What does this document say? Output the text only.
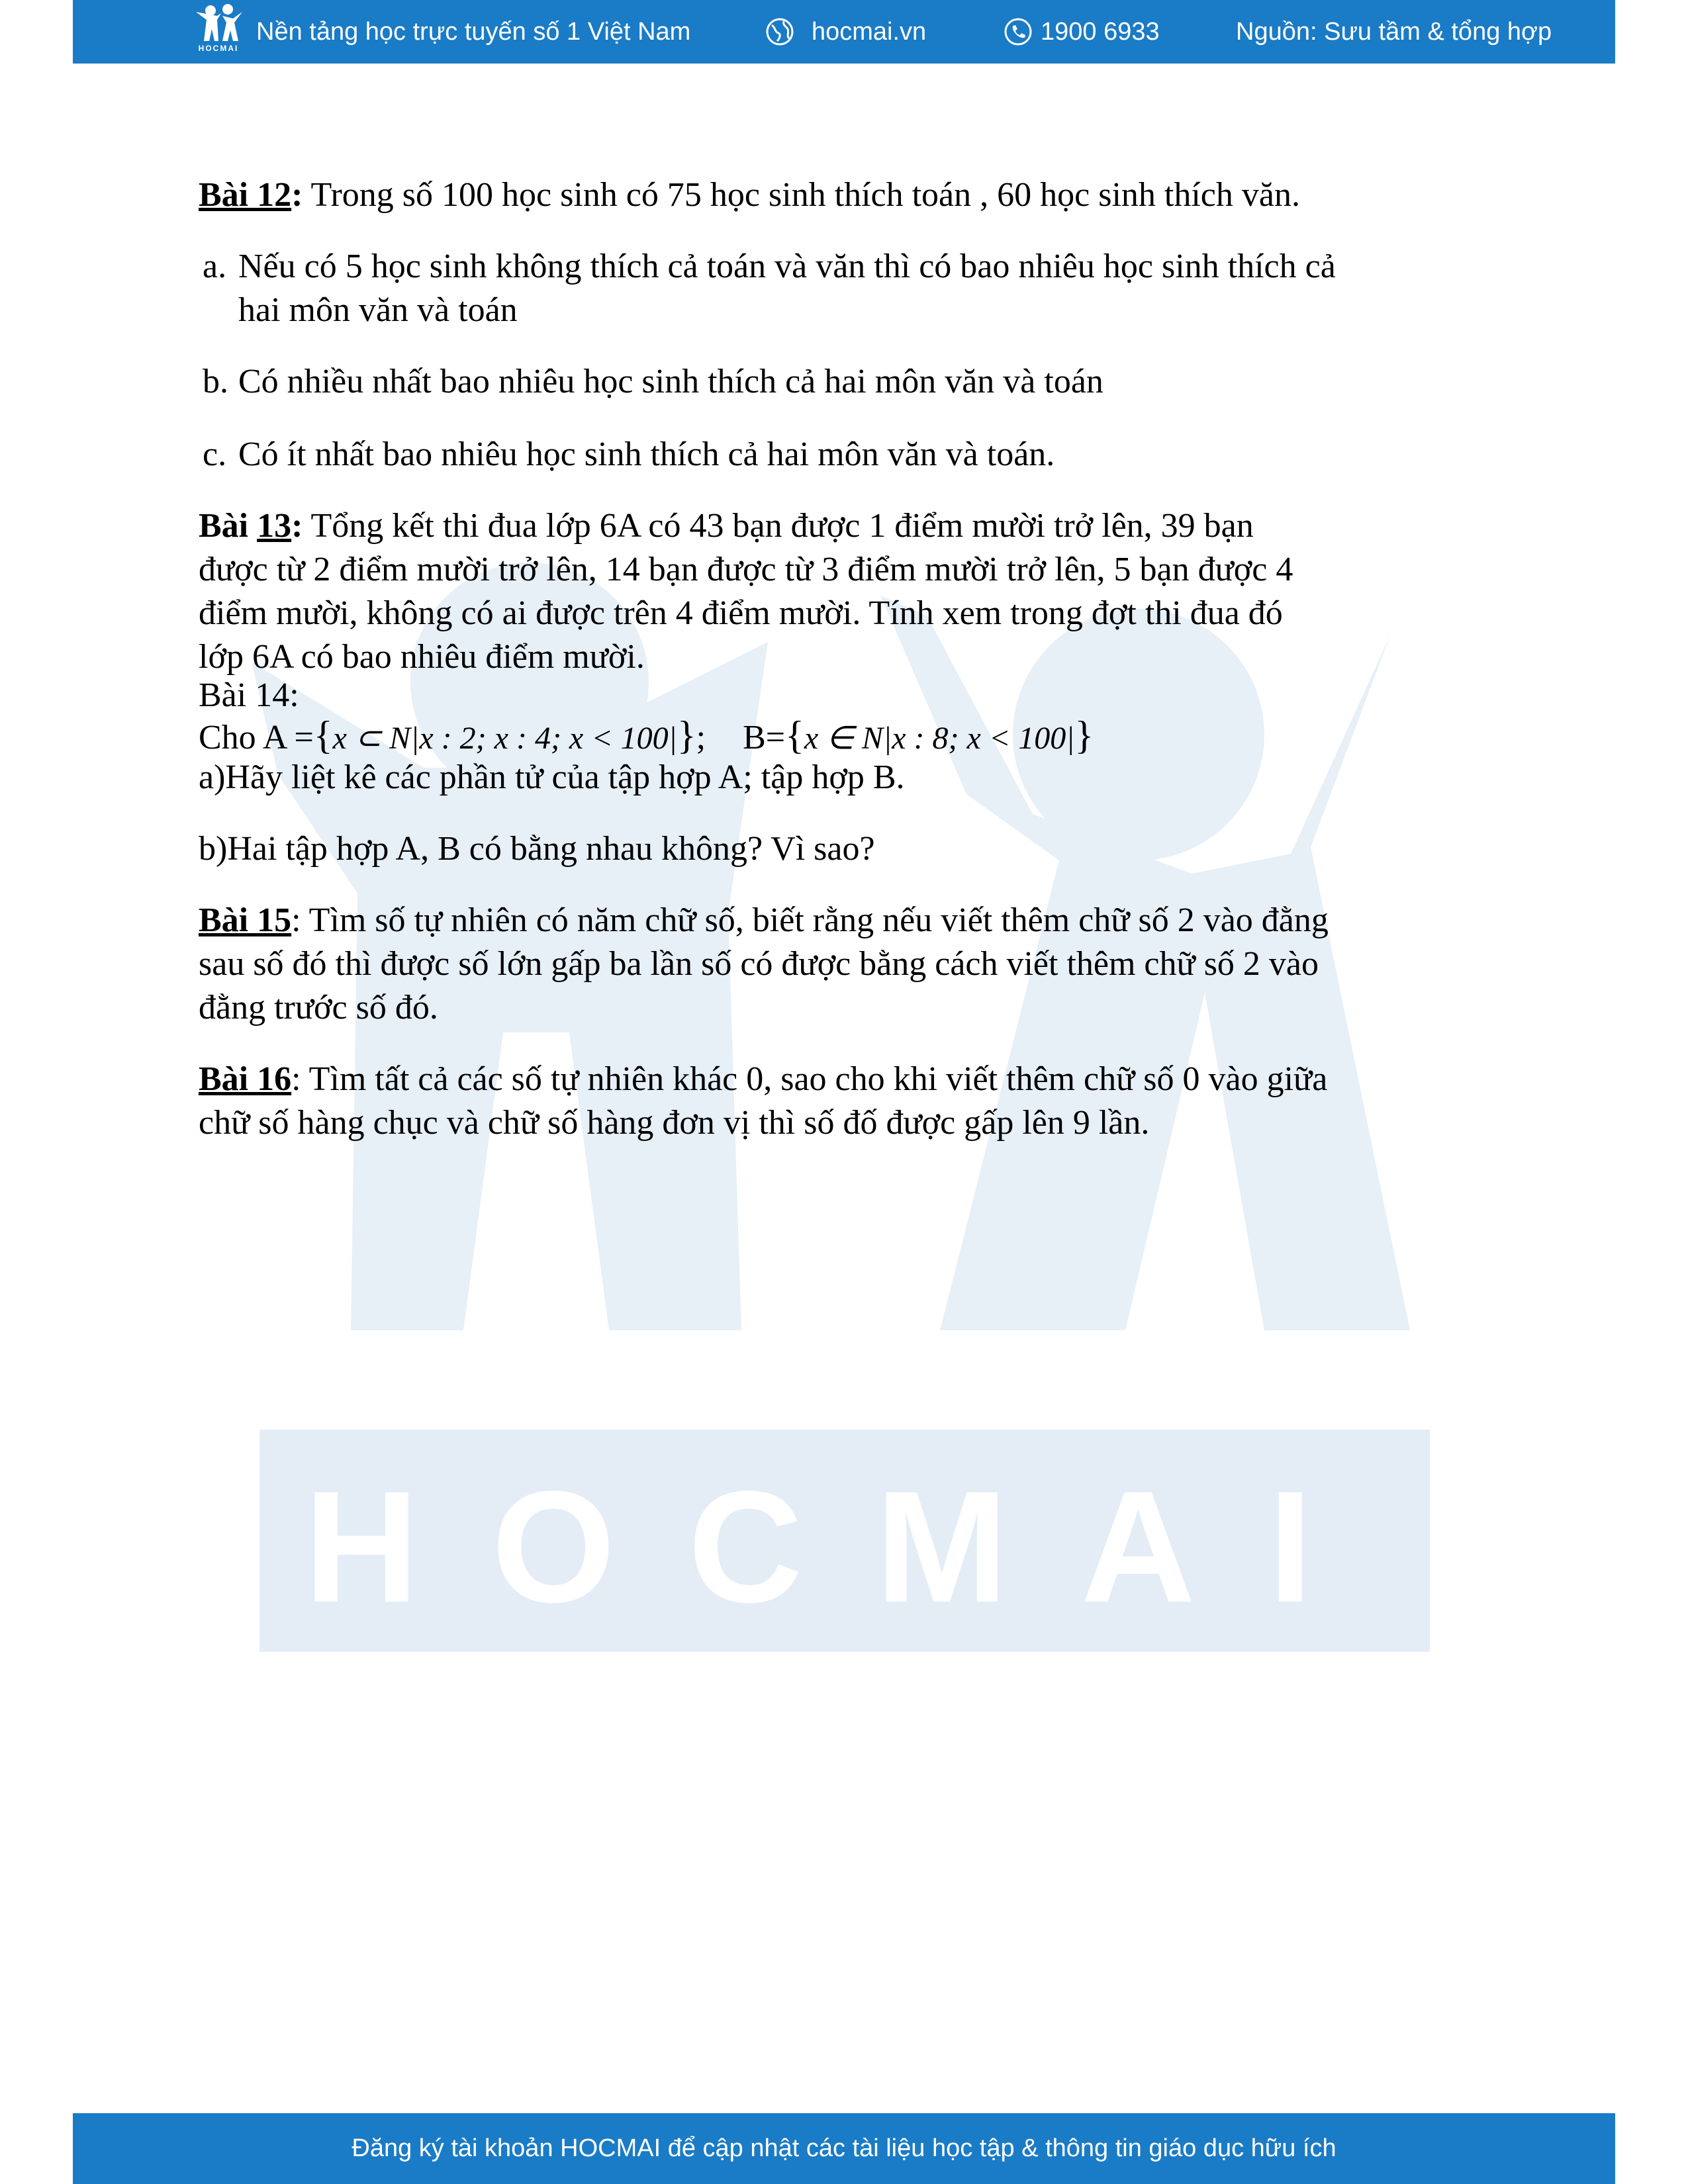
HOCMAI
HOCMAI
Nền tảng học trực tuyến số 1 Việt Nam	hocmai.vn	1900 6933	Nguồn: Sưu tầm & tổng hợp
Bài 12: Trong số 100 học sinh có 75 học sinh thích toán , 60 học sinh thích văn.
a. Nếu có 5 học sinh không thích cả toán và văn thì có bao nhiêu học sinh thích cả
hai môn văn và toán
b. Có nhiều nhất bao nhiêu học sinh thích cả hai môn văn và toán
c. Có ít nhất bao nhiêu học sinh thích cả hai môn văn và toán.
Bài 13: Tổng kết thi đua lớp 6A có 43 bạn được 1 điểm mười trở lên, 39 bạn
được từ 2 điểm mười trở lên, 14 bạn được từ 3 điểm mười trở lên, 5 bạn được 4
điểm mười, không có ai được trên 4 điểm mười. Tính xem trong đợt thi đua đó
lớp 6A có bao nhiêu điểm mười.
Bài 14:
Cho A ={x ⊂ N|x : 2; x : 4; x < 100|}; B={x ∈ N|x : 8; x < 100|}
a)Hãy liệt kê các phần tử của tập hợp A; tập hợp B.
b)Hai tập hợp A, B có bằng nhau không? Vì sao?
Bài 15: Tìm số tự nhiên có năm chữ số, biết rằng nếu viết thêm chữ số 2 vào đằng
sau số đó thì được số lớn gấp ba lần số có được bằng cách viết thêm chữ số 2 vào
đằng trước số đó.
Bài 16: Tìm tất cả các số tự nhiên khác 0, sao cho khi viết thêm chữ số 0 vào giữa
chữ số hàng chục và chữ số hàng đơn vị thì số đố được gấp lên 9 lần.
Đăng ký tài khoản HOCMAI để cập nhật các tài liệu học tập & thông tin giáo dục hữu ích
